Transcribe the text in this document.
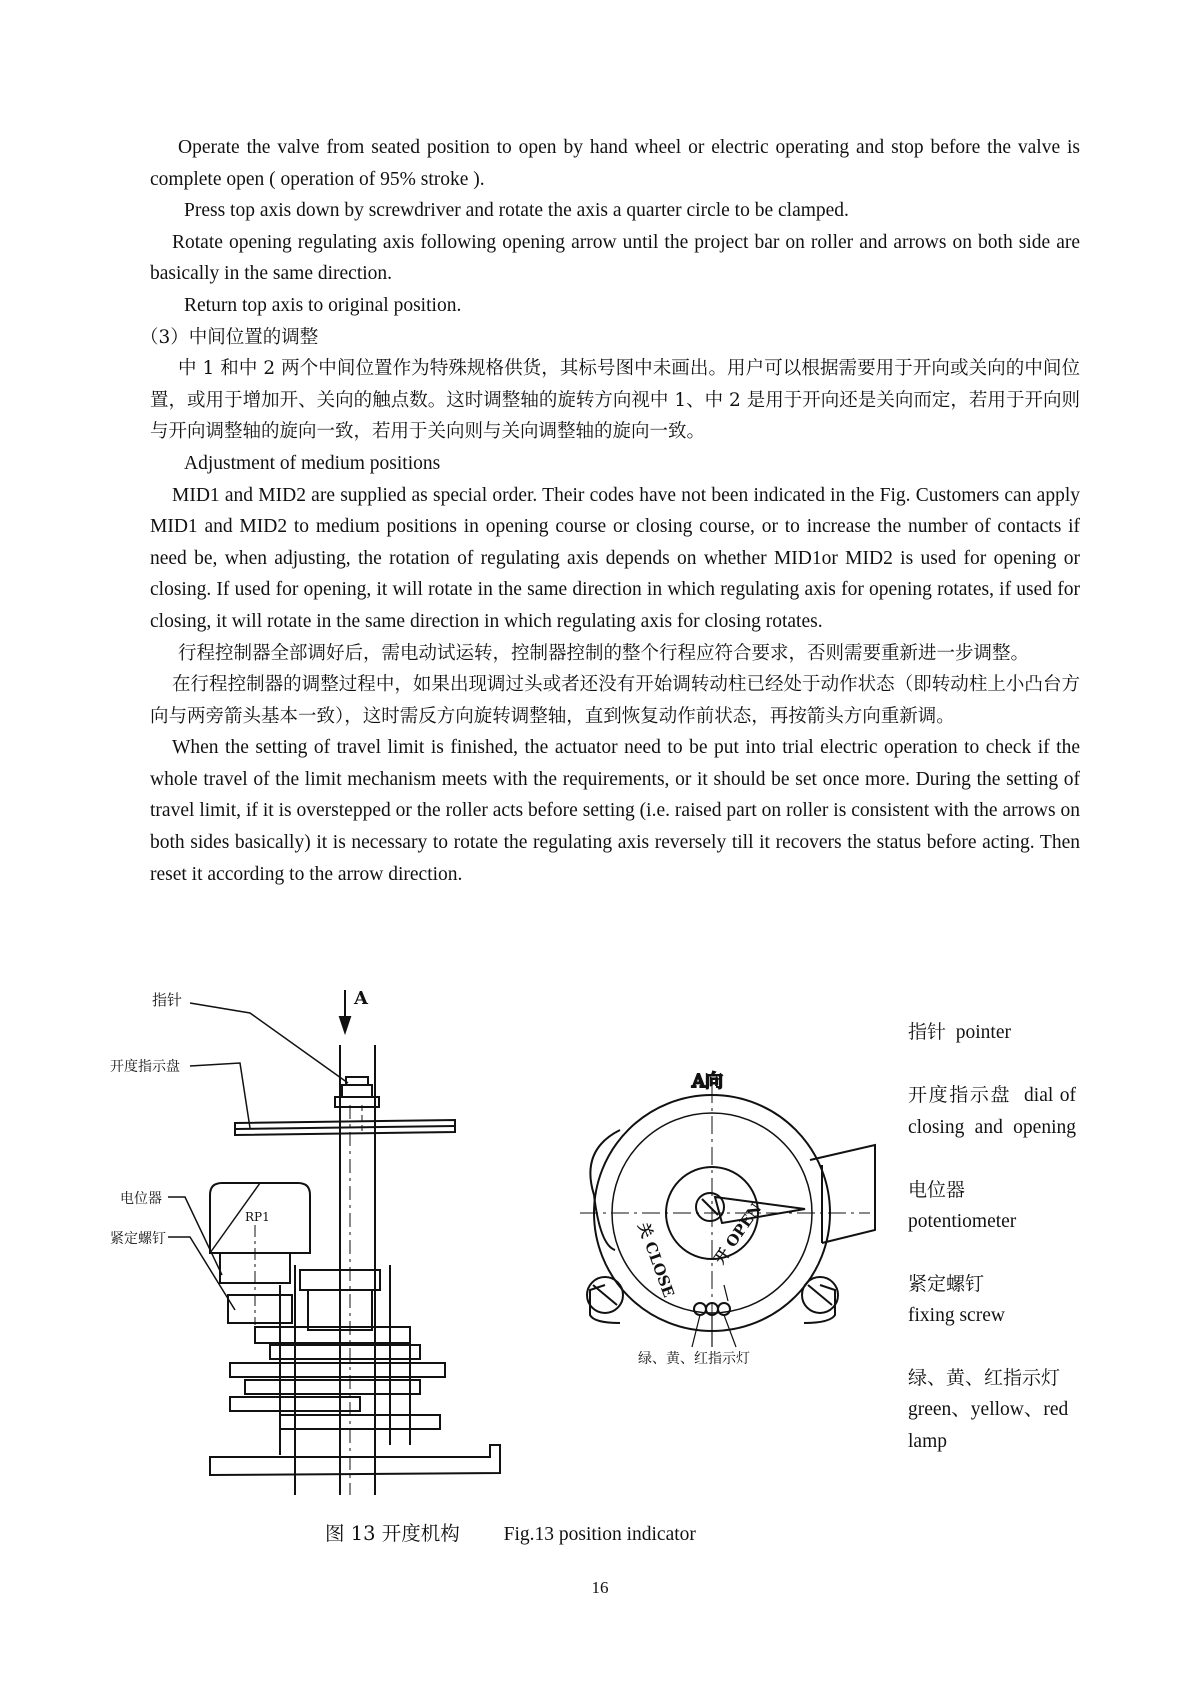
Operate the valve from seated position to open by hand wheel or electric operating and stop before the valve is complete open ( operation of 95% stroke ).

Press top axis down by screwdriver and rotate the axis a quarter circle to be clamped.

Rotate opening regulating axis following opening arrow until the project bar on roller and arrows on both side are basically in the same direction.

Return top axis to original position.

（3）中间位置的调整

中 1 和中 2 两个中间位置作为特殊规格供货，其标号图中未画出。用户可以根据需要用于开向或关向的中间位置，或用于增加开、关向的触点数。这时调整轴的旋转方向视中 1、中 2 是用于开向还是关向而定，若用于开向则与开向调整轴的旋向一致，若用于关向则与关向调整轴的旋向一致。

Adjustment of medium positions

MID1 and MID2 are supplied as special order. Their codes have not been indicated in the Fig. Customers can apply MID1 and MID2 to medium positions in opening course or closing course, or to increase the number of contacts if need be, when adjusting, the rotation of regulating axis depends on whether MID1or MID2 is used for opening or closing. If used for opening, it will rotate in the same direction in which regulating axis for opening rotates, if used for closing, it will rotate in the same direction in which regulating axis for closing rotates.

行程控制器全部调好后，需电动试运转，控制器控制的整个行程应符合要求，否则需要重新进一步调整。

在行程控制器的调整过程中，如果出现调过头或者还没有开始调转动柱已经处于动作状态（即转动柱上小凸台方向与两旁箭头基本一致），这时需反方向旋转调整轴，直到恢复动作前状态，再按箭头方向重新调。

When the setting of travel limit is finished, the actuator need to be put into trial electric operation to check if the whole travel of the limit mechanism meets with the requirements, or it should be set once more. During the setting of travel limit, if it is overstepped or the roller acts before setting (i.e. raised part on roller is consistent with the arrows on both sides basically) it is necessary to rotate the regulating axis reversely till it recovers the status before acting. Then reset it according to the arrow direction.

指针
开度指示盘
电位器
紧定螺钉
RP1
A
A向
关 CLOSE 开 OPEN
绿、黄、红指示灯
指针 pointer
开度指示盘 dial of closing and opening
电位器
potentiometer
紧定螺钉
fixing screw
绿、黄、红指示灯
green、yellow、red lamp
图 13 开度机构 Fig.13 position indicator
16
